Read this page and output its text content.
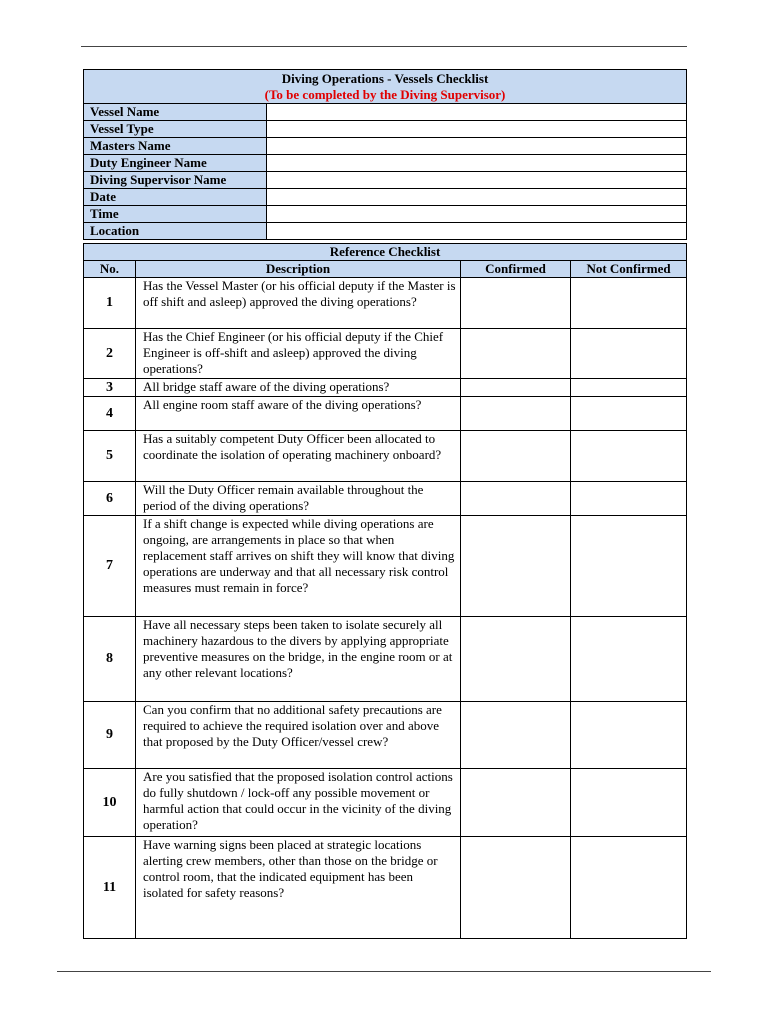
Diving Operations - Vessels Checklist
(To be completed by the Diving Supervisor)	

Vessel Name	
Vessel Type	
Masters Name	
Duty Engineer Name	
Diving Supervisor Name	
Date	
Time	
Location	
Reference Checklist			
No.	Description	Confirmed	Not Confirmed
1	Has the Vessel Master (or his official deputy if the Master is off shift and asleep) approved the diving operations?		
2	Has the Chief Engineer (or his official deputy if the Chief Engineer is off-shift and asleep) approved the diving operations?		
3	All bridge staff aware of the diving operations?		
4	All engine room staff aware of the diving operations?		
5	Has a suitably competent Duty Officer been allocated to coordinate the isolation of operating machinery onboard?		
6	Will the Duty Officer remain available throughout the period of the diving operations?		
7	If a shift change is expected while diving operations are ongoing, are arrangements in place so that when replacement staff arrives on shift they will know that diving operations are underway and that all necessary risk control measures must remain in force?		
8	Have all necessary steps been taken to isolate securely all machinery hazardous to the divers by applying appropriate preventive measures on the bridge, in the engine room or at any other relevant locations?		
9	Can you confirm that no additional safety precautions are required to achieve the required isolation over and above that proposed by the Duty Officer/vessel crew?		
10	Are you satisfied that the proposed isolation control actions do fully shutdown / lock-off any possible movement or harmful action that could occur in the vicinity of the diving operation?		
11	Have warning signs been placed at strategic locations alerting crew members, other than those on the bridge or control room, that the indicated equipment has been isolated for safety reasons?		
